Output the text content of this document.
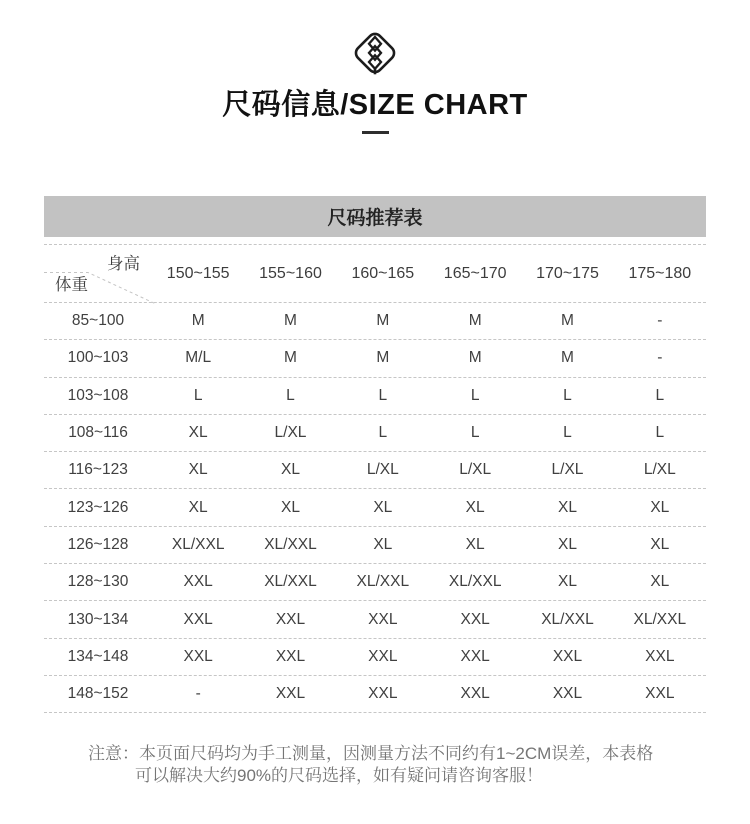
尺码信息/SIZE CHART
尺码推荐表
身高
体重
150~155 155~160 160~165 165~170 170~175 175~180
85~100	M	M	M	M	M	-
100~103	M/L	M	M	M	M	-
103~108	L	L	L	L	L	L
108~116	XL	L/XL	L	L	L	L
116~123	XL	XL	L/XL	L/XL	L/XL	L/XL
123~126	XL	XL	XL	XL	XL	XL
126~128	XL/XXL	XL/XXL	XL	XL	XL	XL
128~130	XXL	XL/XXL	XL/XXL	XL/XXL	XL	XL
130~134	XXL	XXL	XXL	XXL	XL/XXL	XL/XXL
134~148	XXL	XXL	XXL	XXL	XXL	XXL
148~152	-	XXL	XXL	XXL	XXL	XXL
注意：本页面尺码均为手工测量，因测量方法不同约有1~2CM误差，本表格
可以解决大约90%的尺码选择，如有疑问请咨询客服！
